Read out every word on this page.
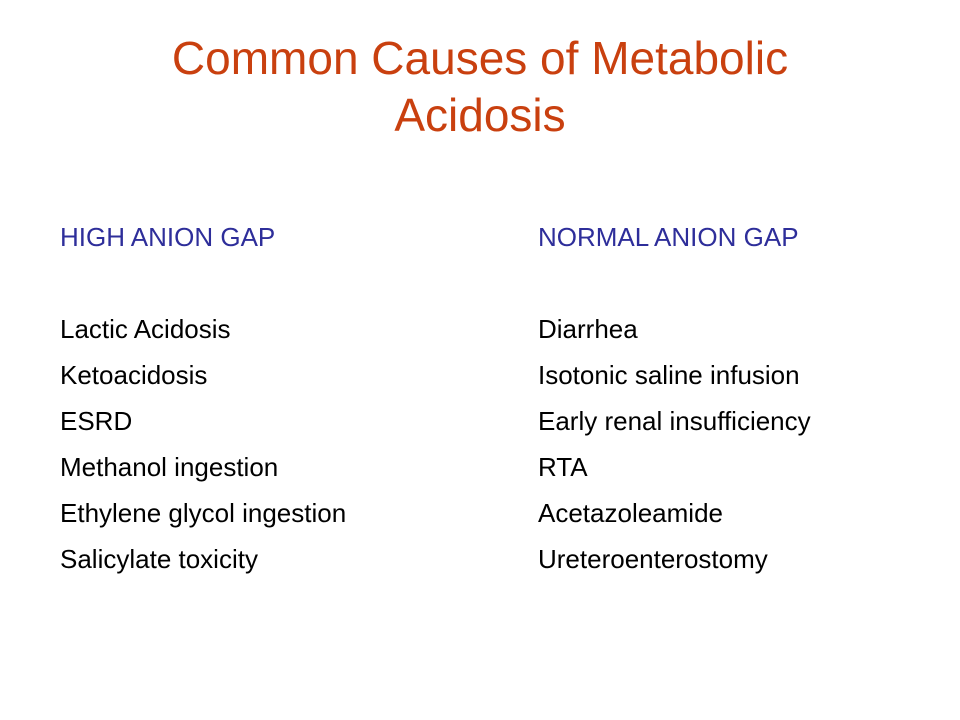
Common Causes of Metabolic
Acidosis
HIGH ANION GAP
Lactic Acidosis
Ketoacidosis
ESRD
Methanol ingestion
Ethylene glycol ingestion
Salicylate toxicity
NORMAL ANION GAP
Diarrhea
Isotonic saline infusion
Early renal insufficiency
RTA
Acetazoleamide
Ureteroenterostomy
